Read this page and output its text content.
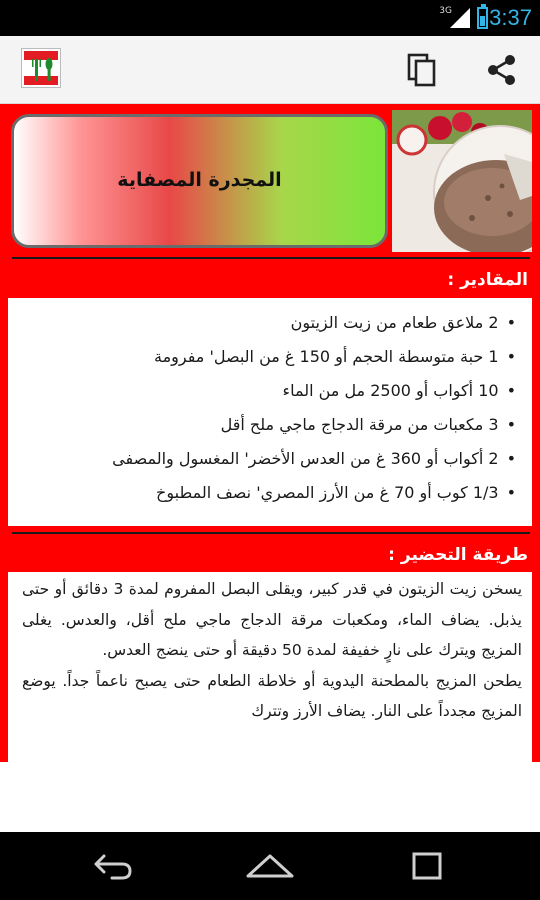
3G 3:37
المجدرة المصفاية
المقادير :
• 2 ملاعق طعام من زيت الزيتون
• 1 حبة متوسطة الحجم أو 150 غ من البصل' مفرومة
• 10 أكواب أو 2500 مل من الماء
• 3 مكعبات من مرقة الدجاج ماجي ملح أقل
• 2 أكواب أو 360 غ من العدس الأخضر' المغسول والمصفى
• 1/3 كوب أو 70 غ من الأرز المصري' نصف المطبوخ
طريقة التحضير :

يسخن زيت الزيتون في قدر كبير، ويقلى البصل المفروم لمدة 3 دقائق أو حتى يذبل. يضاف الماء، ومكعبات مرقة الدجاج ماجي ملح أقل، والعدس. يغلى المزيج ويترك على نارٍ خفيفة لمدة 50 دقيقة أو حتى ينضج العدس.

يطحن المزيج بالمطحنة اليدوية أو خلاطة الطعام حتى يصبح ناعماً جداً. يوضع المزيج مجدداً على النار. يضاف الأرز وتترك
